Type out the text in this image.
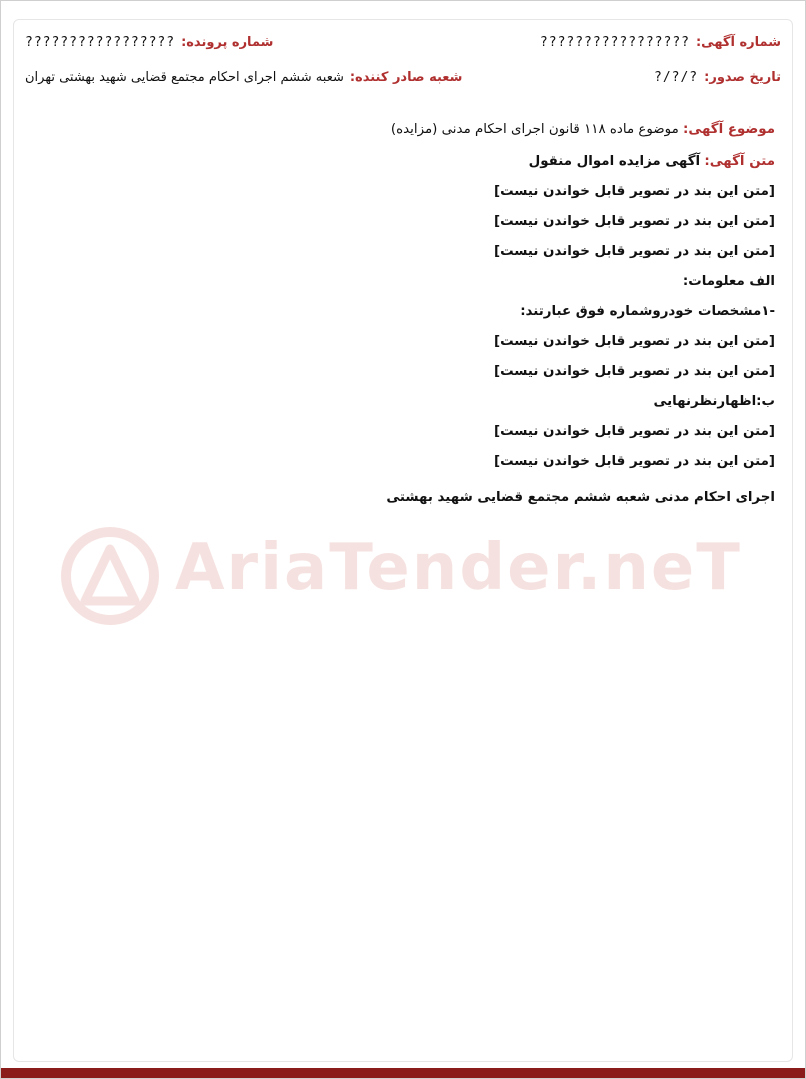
AriaTender.neT
شماره آگهی:
?????????????????
شماره پرونده:
?????????????????
تاریخ صدور:
?/?/?
شعبه صادر کننده:
شعبه ششم اجرای احکام مجتمع قضایی شهید بهشتی تهران

موضوع آگهی: موضوع ماده ۱۱۸ قانون اجرای احکام مدنی (مزایده)

متن آگهی: آگهی مزایده اموال منقول

[متن این بند در تصویر قابل خواندن نیست]

[متن این بند در تصویر قابل خواندن نیست]

[متن این بند در تصویر قابل خواندن نیست]

الف معلومات:

-۱مشخصات خودروشماره فوق عبارتند:

[متن این بند در تصویر قابل خواندن نیست]

[متن این بند در تصویر قابل خواندن نیست]

ب:اظهارنظرنهایی

[متن این بند در تصویر قابل خواندن نیست]

[متن این بند در تصویر قابل خواندن نیست]

اجرای احکام مدنی شعبه ششم مجتمع قضایی شهید بهشتی
